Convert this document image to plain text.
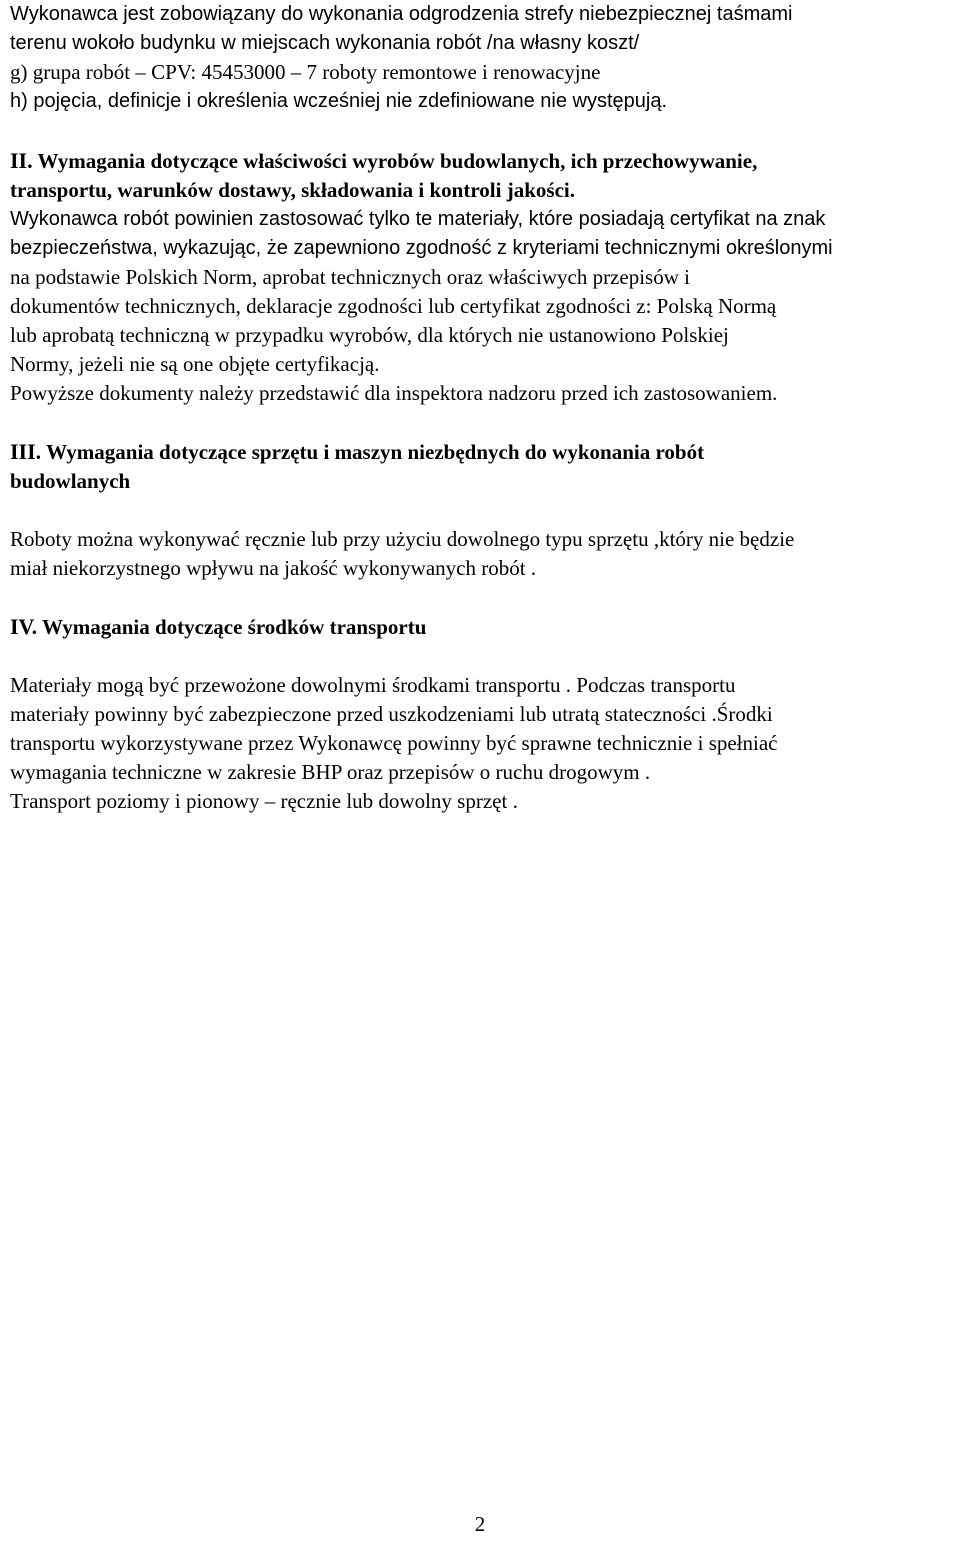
Wykonawca jest zobowiązany do wykonania odgrodzenia strefy niebezpiecznej taśmami
terenu wokoło budynku w miejscach wykonania robót /na własny koszt/
g) grupa robót – CPV: 45453000 – 7 roboty remontowe i renowacyjne
h) pojęcia, definicje i określenia wcześniej nie zdefiniowane nie występują.
II. Wymagania dotyczące właściwości wyrobów budowlanych, ich przechowywanie,
transportu, warunków dostawy, składowania i kontroli jakości.
Wykonawca robót powinien zastosować tylko te materiały, które posiadają certyfikat na znak
bezpieczeństwa, wykazując, że zapewniono zgodność z kryteriami technicznymi określonymi
na podstawie Polskich Norm, aprobat technicznych oraz właściwych przepisów i
dokumentów technicznych, deklaracje zgodności lub certyfikat zgodności z: Polską Normą
lub aprobatą techniczną w przypadku wyrobów, dla których nie ustanowiono Polskiej
Normy, jeżeli nie są one objęte certyfikacją.
Powyższe dokumenty należy przedstawić dla inspektora nadzoru przed ich zastosowaniem.
III. Wymagania dotyczące sprzętu i maszyn niezbędnych do wykonania robót
budowlanych
Roboty można wykonywać ręcznie lub przy użyciu dowolnego typu sprzętu ,który nie będzie
miał niekorzystnego wpływu na jakość wykonywanych robót .
IV. Wymagania dotyczące środków transportu
Materiały mogą być przewożone dowolnymi środkami transportu . Podczas transportu
materiały powinny być zabezpieczone przed uszkodzeniami lub utratą stateczności .Środki
transportu wykorzystywane przez Wykonawcę powinny być sprawne technicznie i spełniać
wymagania techniczne w zakresie BHP oraz przepisów o ruchu drogowym .
Transport poziomy i pionowy – ręcznie lub dowolny sprzęt .
2
